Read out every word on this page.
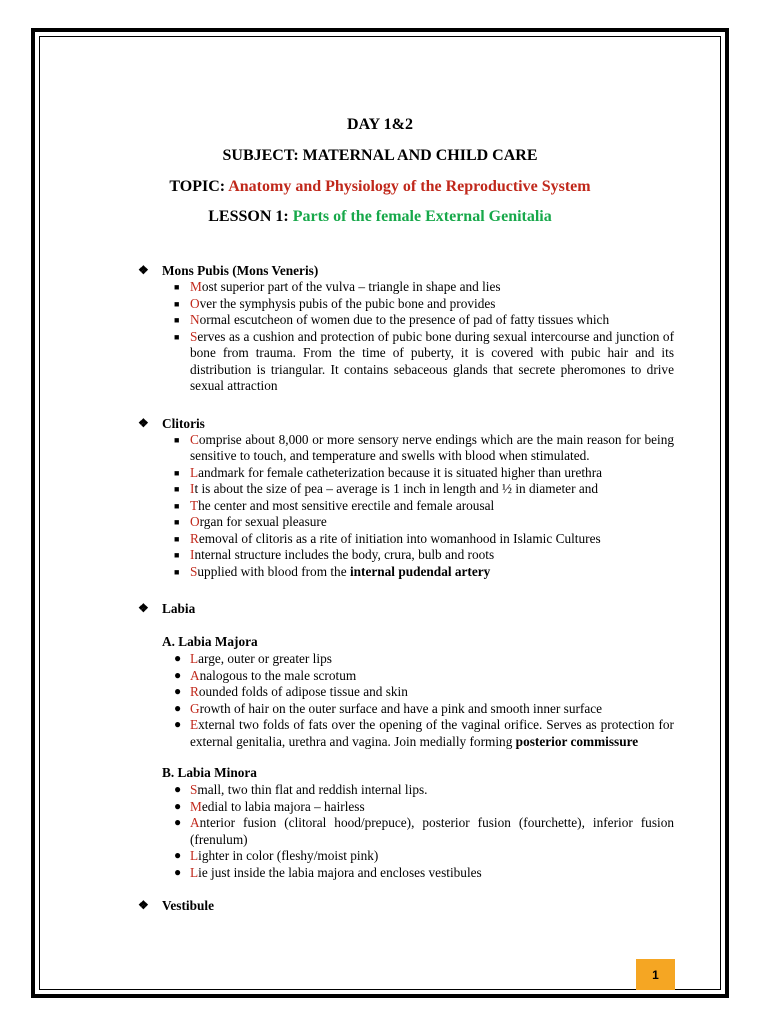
DAY 1&2
SUBJECT: MATERNAL AND CHILD CARE
TOPIC: Anatomy and Physiology of the Reproductive System
LESSON 1: Parts of the female External Genitalia
❖ Mons Pubis (Mons Veneris)
■ Most superior part of the vulva – triangle in shape and lies
■ Over the symphysis pubis of the pubic bone and provides
■ Normal escutcheon of women due to the presence of pad of fatty tissues which
■ Serves as a cushion and protection of pubic bone during sexual intercourse and junction of bone from trauma. From the time of puberty, it is covered with pubic hair and its distribution is triangular. It contains sebaceous glands that secrete pheromones to drive sexual attraction
❖ Clitoris
■ Comprise about 8,000 or more sensory nerve endings which are the main reason for being sensitive to touch, and temperature and swells with blood when stimulated.
■ Landmark for female catheterization because it is situated higher than urethra
■ It is about the size of pea – average is 1 inch in length and ½ in diameter and
■ The center and most sensitive erectile and female arousal
■ Organ for sexual pleasure
■ Removal of clitoris as a rite of initiation into womanhood in Islamic Cultures
■ Internal structure includes the body, crura, bulb and roots
■ Supplied with blood from the internal pudendal artery
❖ Labia
A. Labia Majora
● Large, outer or greater lips
● Analogous to the male scrotum
● Rounded folds of adipose tissue and skin
● Growth of hair on the outer surface and have a pink and smooth inner surface
● External two folds of fats over the opening of the vaginal orifice. Serves as protection for external genitalia, urethra and vagina. Join medially forming posterior commissure
B. Labia Minora
● Small, two thin flat and reddish internal lips.
● Medial to labia majora – hairless
● Anterior fusion (clitoral hood/prepuce), posterior fusion (fourchette), inferior fusion (frenulum)
● Lighter in color (fleshy/moist pink)
● Lie just inside the labia majora and encloses vestibules
❖ Vestibule
1
